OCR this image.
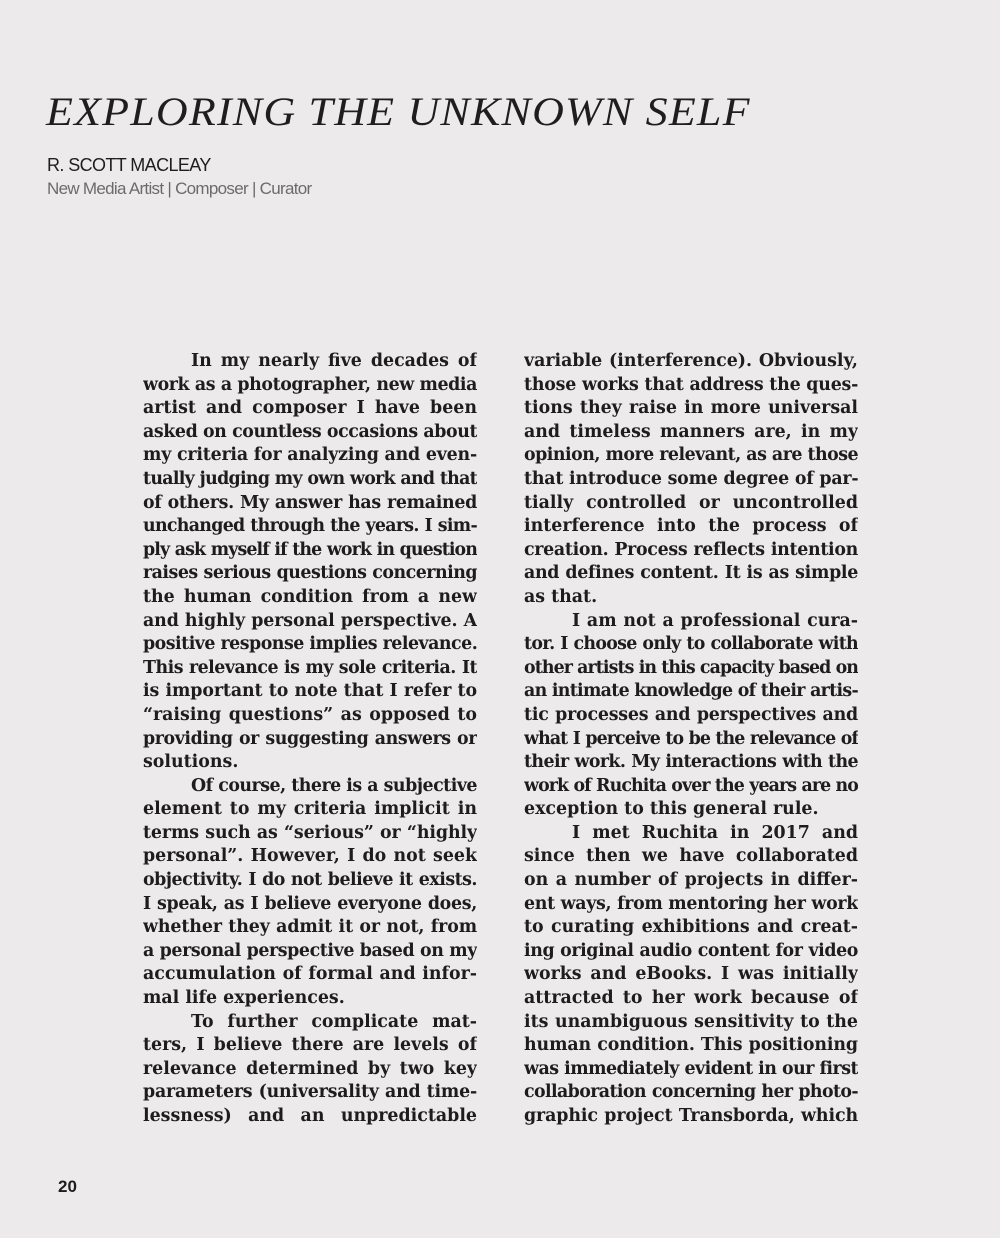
EXPLORING THE UNKNOWN SELF
R. SCOTT MACLEAY
New Media Artist | Composer | Curator
In my nearly five decades of
work as a photographer, new media
artist and composer I have been
asked on countless occasions about
my criteria for analyzing and even-
tually judging my own work and that
of others. My answer has remained
unchanged through the years. I sim-
ply ask myself if the work in question
raises serious questions concerning
the human condition from a new
and highly personal perspective. A
positive response implies relevance.
This relevance is my sole criteria. It
is important to note that I refer to
“raising questions” as opposed to
providing or suggesting answers or
solutions.
Of course, there is a subjective
element to my criteria implicit in
terms such as “serious” or “highly
personal”. However, I do not seek
objectivity. I do not believe it exists.
I speak, as I believe everyone does,
whether they admit it or not, from
a personal perspective based on my
accumulation of formal and infor-
mal life experiences.
To further complicate mat-
ters, I believe there are levels of
relevance determined by two key
parameters (universality and time-
lessness) and an unpredictable
variable (interference). Obviously,
those works that address the ques-
tions they raise in more universal
and timeless manners are, in my
opinion, more relevant, as are those
that introduce some degree of par-
tially controlled or uncontrolled
interference into the process of
creation. Process reflects intention
and defines content. It is as simple
as that.
I am not a professional cura-
tor. I choose only to collaborate with
other artists in this capacity based on
an intimate knowledge of their artis-
tic processes and perspectives and
what I perceive to be the relevance of
their work. My interactions with the
work of Ruchita over the years are no
exception to this general rule.
I met Ruchita in 2017 and
since then we have collaborated
on a number of projects in differ-
ent ways, from mentoring her work
to curating exhibitions and creat-
ing original audio content for video
works and eBooks. I was initially
attracted to her work because of
its unambiguous sensitivity to the
human condition. This positioning
was immediately evident in our first
collaboration concerning her photo-
graphic project Transborda, which
20
